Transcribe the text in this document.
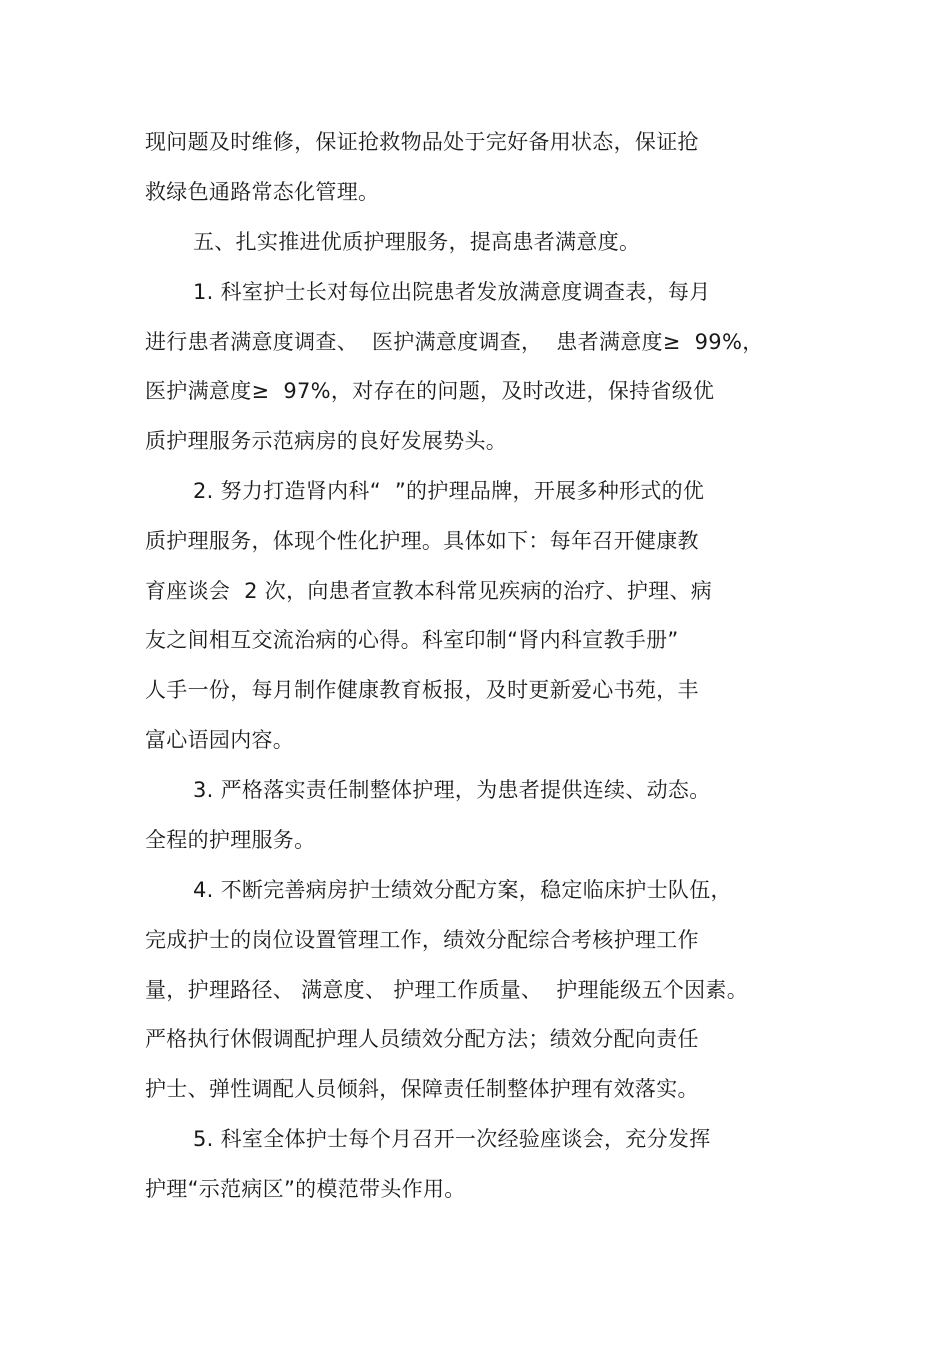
现问题及时维修，保证抢救物品处于完好备用状态，保证抢
救绿色通路常态化管理。
五、扎实推进优质护理服务，提高患者满意度。
1. 科室护士长对每位出院患者发放满意度调查表，每月
进行患者满意度调查、  医护满意度调查，  患者满意度≥  99%，
医护满意度≥  97%，对存在的问题，及时改进，保持省级优
质护理服务示范病房的良好发展势头。
2. 努力打造肾内科“  ”的护理品牌，开展多种形式的优
质护理服务，体现个性化护理。具体如下：每年召开健康教
育座谈会  2 次，向患者宣教本科常见疾病的治疗、护理、病
友之间相互交流治病的心得。科室印制“肾内科宣教手册”
人手一份，每月制作健康教育板报，及时更新爱心书苑，丰
富心语园内容。
3. 严格落实责任制整体护理，为患者提供连续、动态。
全程的护理服务。
4. 不断完善病房护士绩效分配方案，稳定临床护士队伍，
完成护士的岗位设置管理工作，绩效分配综合考核护理工作
量，护理路径、 满意度、 护理工作质量、  护理能级五个因素。
严格执行休假调配护理人员绩效分配方法；绩效分配向责任
护士、弹性调配人员倾斜，保障责任制整体护理有效落实。
5. 科室全体护士每个月召开一次经验座谈会，充分发挥
护理“示范病区”的模范带头作用。
